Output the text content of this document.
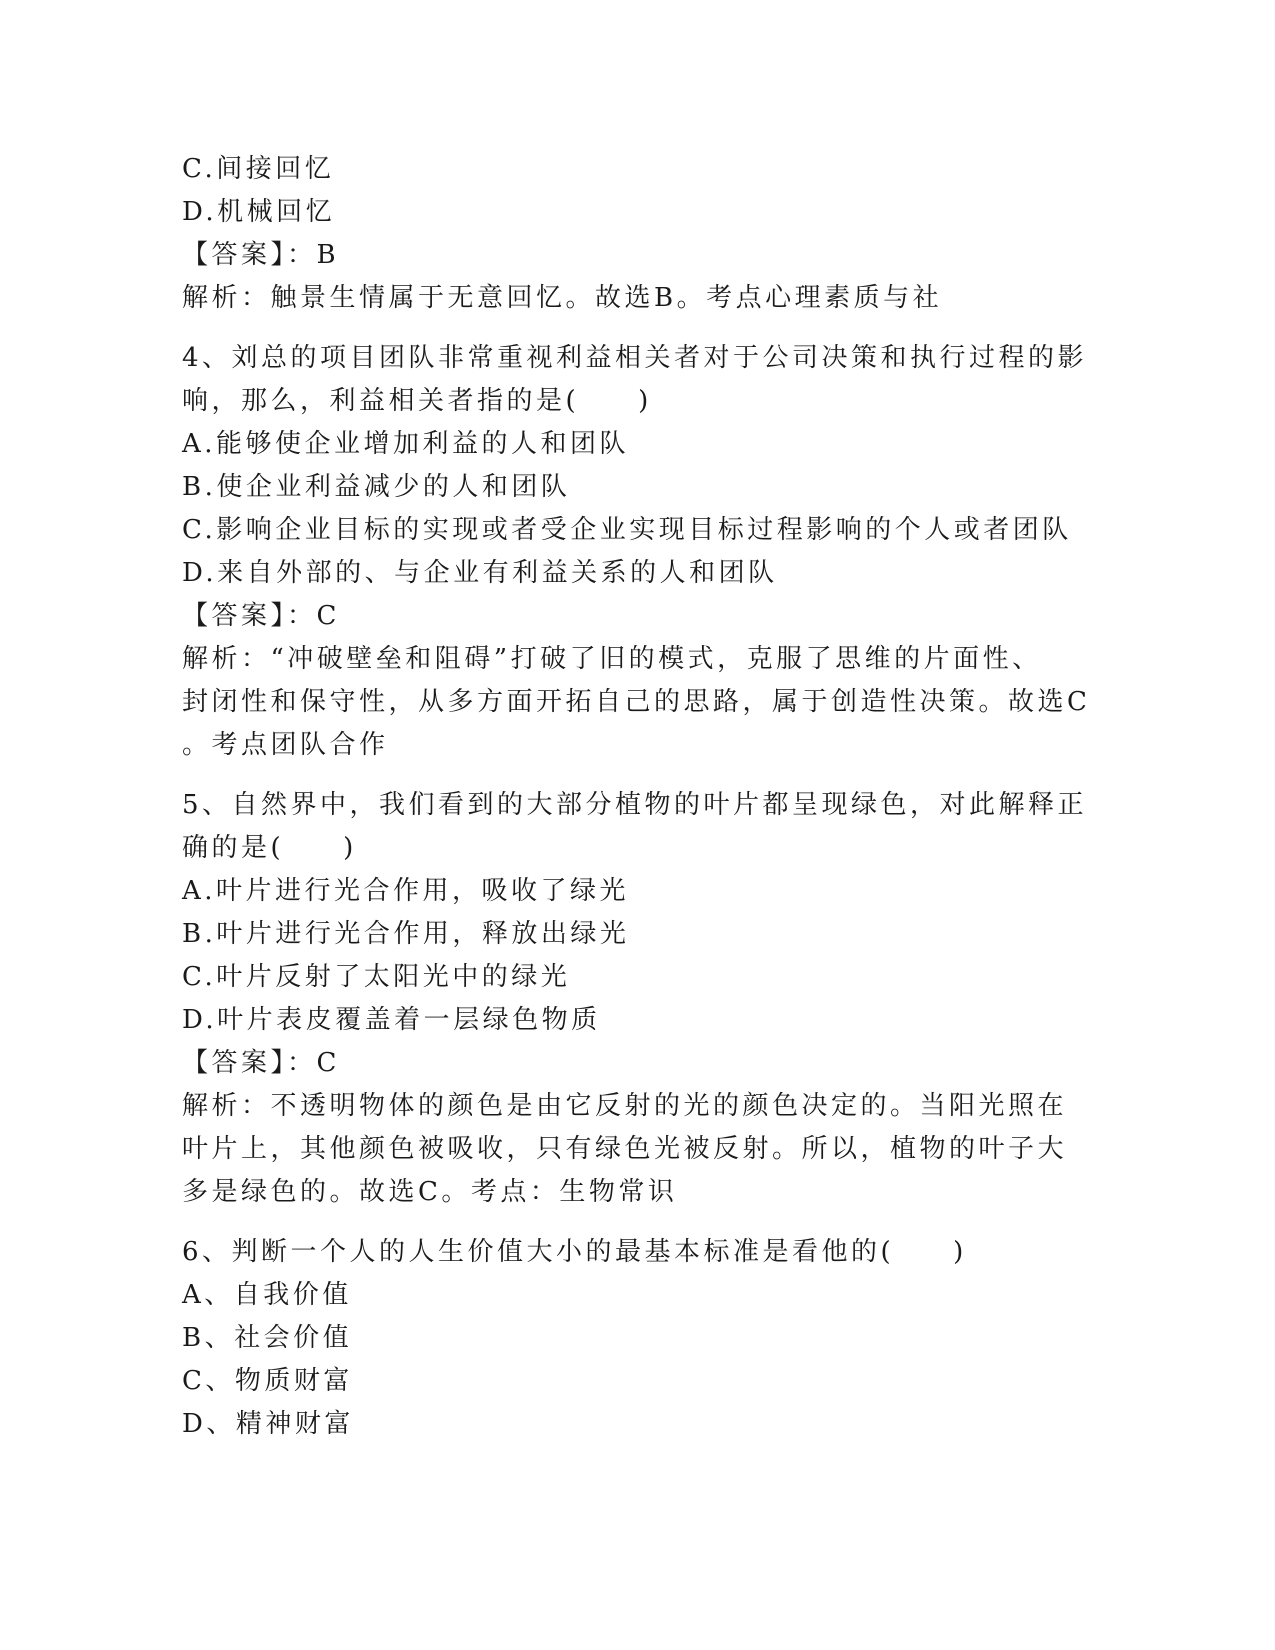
C.间接回忆
D.机械回忆
【答案】：B
解析：触景生情属于无意回忆。故选B。考点心理素质与社
4、刘总的项目团队非常重视利益相关者对于公司决策和执行过程的影
响，那么，利益相关者指的是(　　)
A.能够使企业增加利益的人和团队
B.使企业利益减少的人和团队
C.影响企业目标的实现或者受企业实现目标过程影响的个人或者团队
D.来自外部的、与企业有利益关系的人和团队
【答案】：C
解析：“冲破壁垒和阻碍”打破了旧的模式，克服了思维的片面性、
封闭性和保守性，从多方面开拓自己的思路，属于创造性决策。故选C
。考点团队合作
5、自然界中，我们看到的大部分植物的叶片都呈现绿色，对此解释正
确的是(　　)
A.叶片进行光合作用，吸收了绿光
B.叶片进行光合作用，释放出绿光
C.叶片反射了太阳光中的绿光
D.叶片表皮覆盖着一层绿色物质
【答案】：C
解析：不透明物体的颜色是由它反射的光的颜色决定的。当阳光照在
叶片上，其他颜色被吸收，只有绿色光被反射。所以，植物的叶子大
多是绿色的。故选C。考点：生物常识
6、判断一个人的人生价值大小的最基本标准是看他的(　　)
A、自我价值
B、社会价值
C、物质财富
D、精神财富
